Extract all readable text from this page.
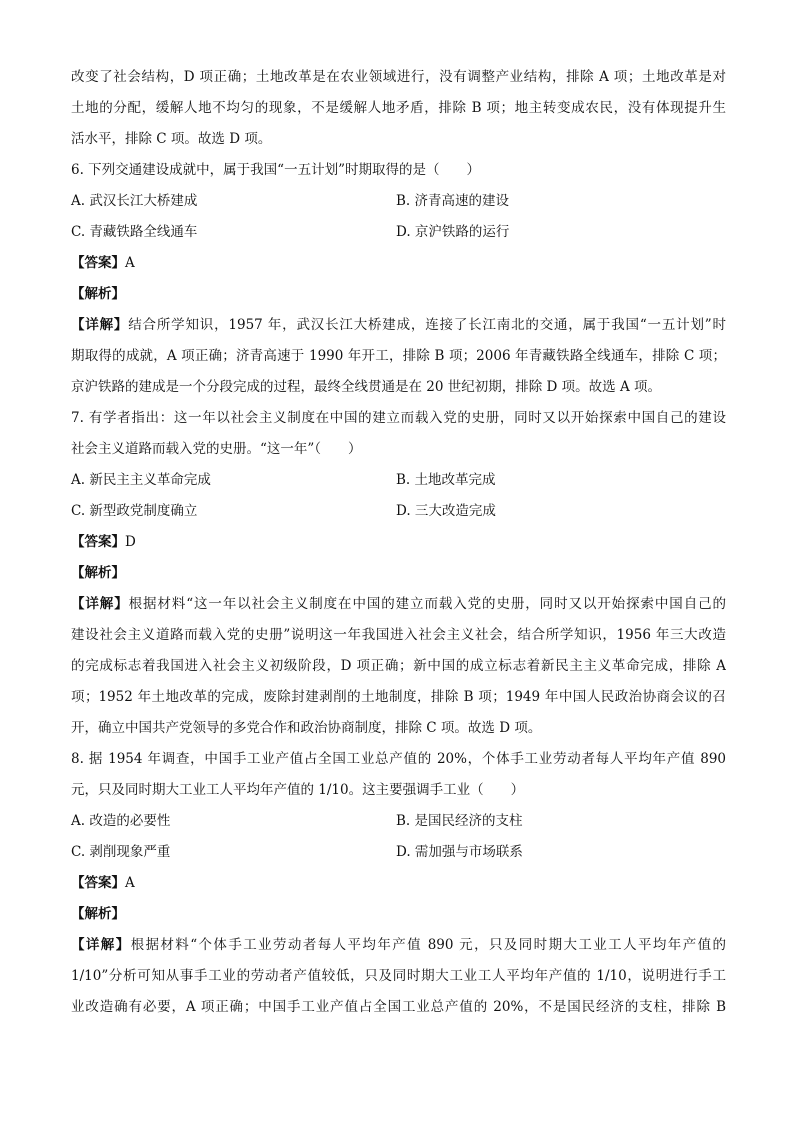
改变了社会结构，D 项正确；土地改革是在农业领域进行，没有调整产业结构，排除 A 项；土地改革是对
土地的分配，缓解人地不均匀的现象，不是缓解人地矛盾，排除 B 项；地主转变成农民，没有体现提升生
活水平，排除 C 项。故选 D 项。
6. 下列交通建设成就中，属于我国“一五计划”时期取得的是（　　）
A. 武汉长江大桥建成	B. 济青高速的建设
C. 青藏铁路全线通车	D. 京沪铁路的运行
【答案】A
【解析】
【详解】结合所学知识，1957 年，武汉长江大桥建成，连接了长江南北的交通，属于我国“一五计划”时
期取得的成就，A 项正确；济青高速于 1990 年开工，排除 B 项；2006 年青藏铁路全线通车，排除 C 项；
京沪铁路的建成是一个分段完成的过程，最终全线贯通是在 20 世纪初期，排除 D 项。故选 A 项。
7. 有学者指出：这一年以社会主义制度在中国的建立而载入党的史册，同时又以开始探索中国自己的建设
社会主义道路而载入党的史册。“这一年”（　　）
A. 新民主主义革命完成	B. 土地改革完成
C. 新型政党制度确立	D. 三大改造完成
【答案】D
【解析】
【详解】根据材料“这一年以社会主义制度在中国的建立而载入党的史册，同时又以开始探索中国自己的
建设社会主义道路而载入党的史册”说明这一年我国进入社会主义社会，结合所学知识，1956 年三大改造
的完成标志着我国进入社会主义初级阶段，D 项正确；新中国的成立标志着新民主主义革命完成，排除 A
项；1952 年土地改革的完成，废除封建剥削的土地制度，排除 B 项；1949 年中国人民政治协商会议的召
开，确立中国共产党领导的多党合作和政治协商制度，排除 C 项。故选 D 项。
8. 据 1954 年调查，中国手工业产值占全国工业总产值的 20%，个体手工业劳动者每人平均年产值 890
元，只及同时期大工业工人平均年产值的 1/10。这主要强调手工业（　　）
A. 改造的必要性	B. 是国民经济的支柱
C. 剥削现象严重	D. 需加强与市场联系
【答案】A
【解析】
【详解】根据材料“个体手工业劳动者每人平均年产值 890 元，只及同时期大工业工人平均年产值的
1/10”分析可知从事手工业的劳动者产值较低，只及同时期大工业工人平均年产值的 1/10，说明进行手工
业改造确有必要，A 项正确；中国手工业产值占全国工业总产值的 20%，不是国民经济的支柱，排除 B
